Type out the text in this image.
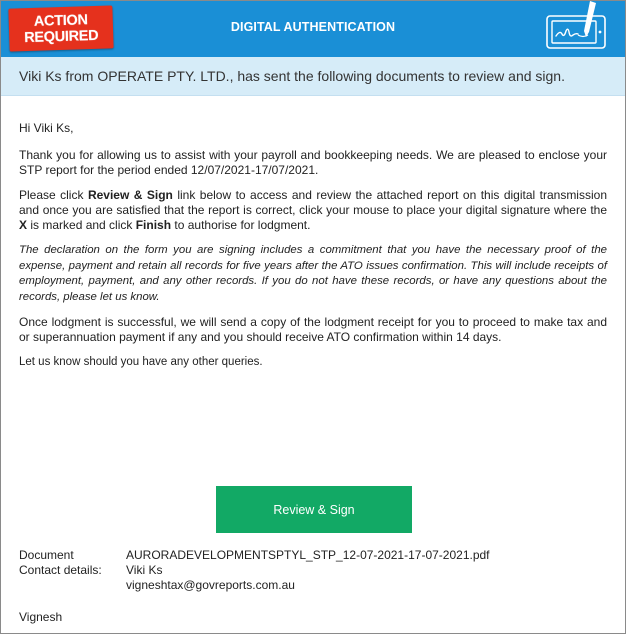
ACTION REQUIRED
DIGITAL AUTHENTICATION
Viki Ks from OPERATE PTY. LTD., has sent the following documents to review and sign.

Hi Viki Ks,

Thank you for allowing us to assist with your payroll and bookkeeping needs. We are pleased to enclose your STP report for the period ended 12/07/2021-17/07/2021.

Please click Review & Sign link below to access and review the attached report on this digital transmission and once you are satisfied that the report is correct, click your mouse to place your digital signature where the X is marked and click Finish to authorise for lodgment.

The declaration on the form you are signing includes a commitment that you have the necessary proof of the expense, payment and retain all records for five years after the ATO issues confirmation. This will include receipts of employment, payment, and any other records. If you do not have these records, or have any questions about the records, please let us know.

Once lodgment is successful, we will send a copy of the lodgment receipt for you to proceed to make tax and or superannuation payment if any and you should receive ATO confirmation within 14 days.

Let us know should you have any other queries.

Review & Sign
Document	AURORADEVELOPMENTSPTYL_STP_12-07-2021-17-07-2021.pdf
Contact details:	Viki Ks
vigneshtax@govreports.com.au
Vignesh
